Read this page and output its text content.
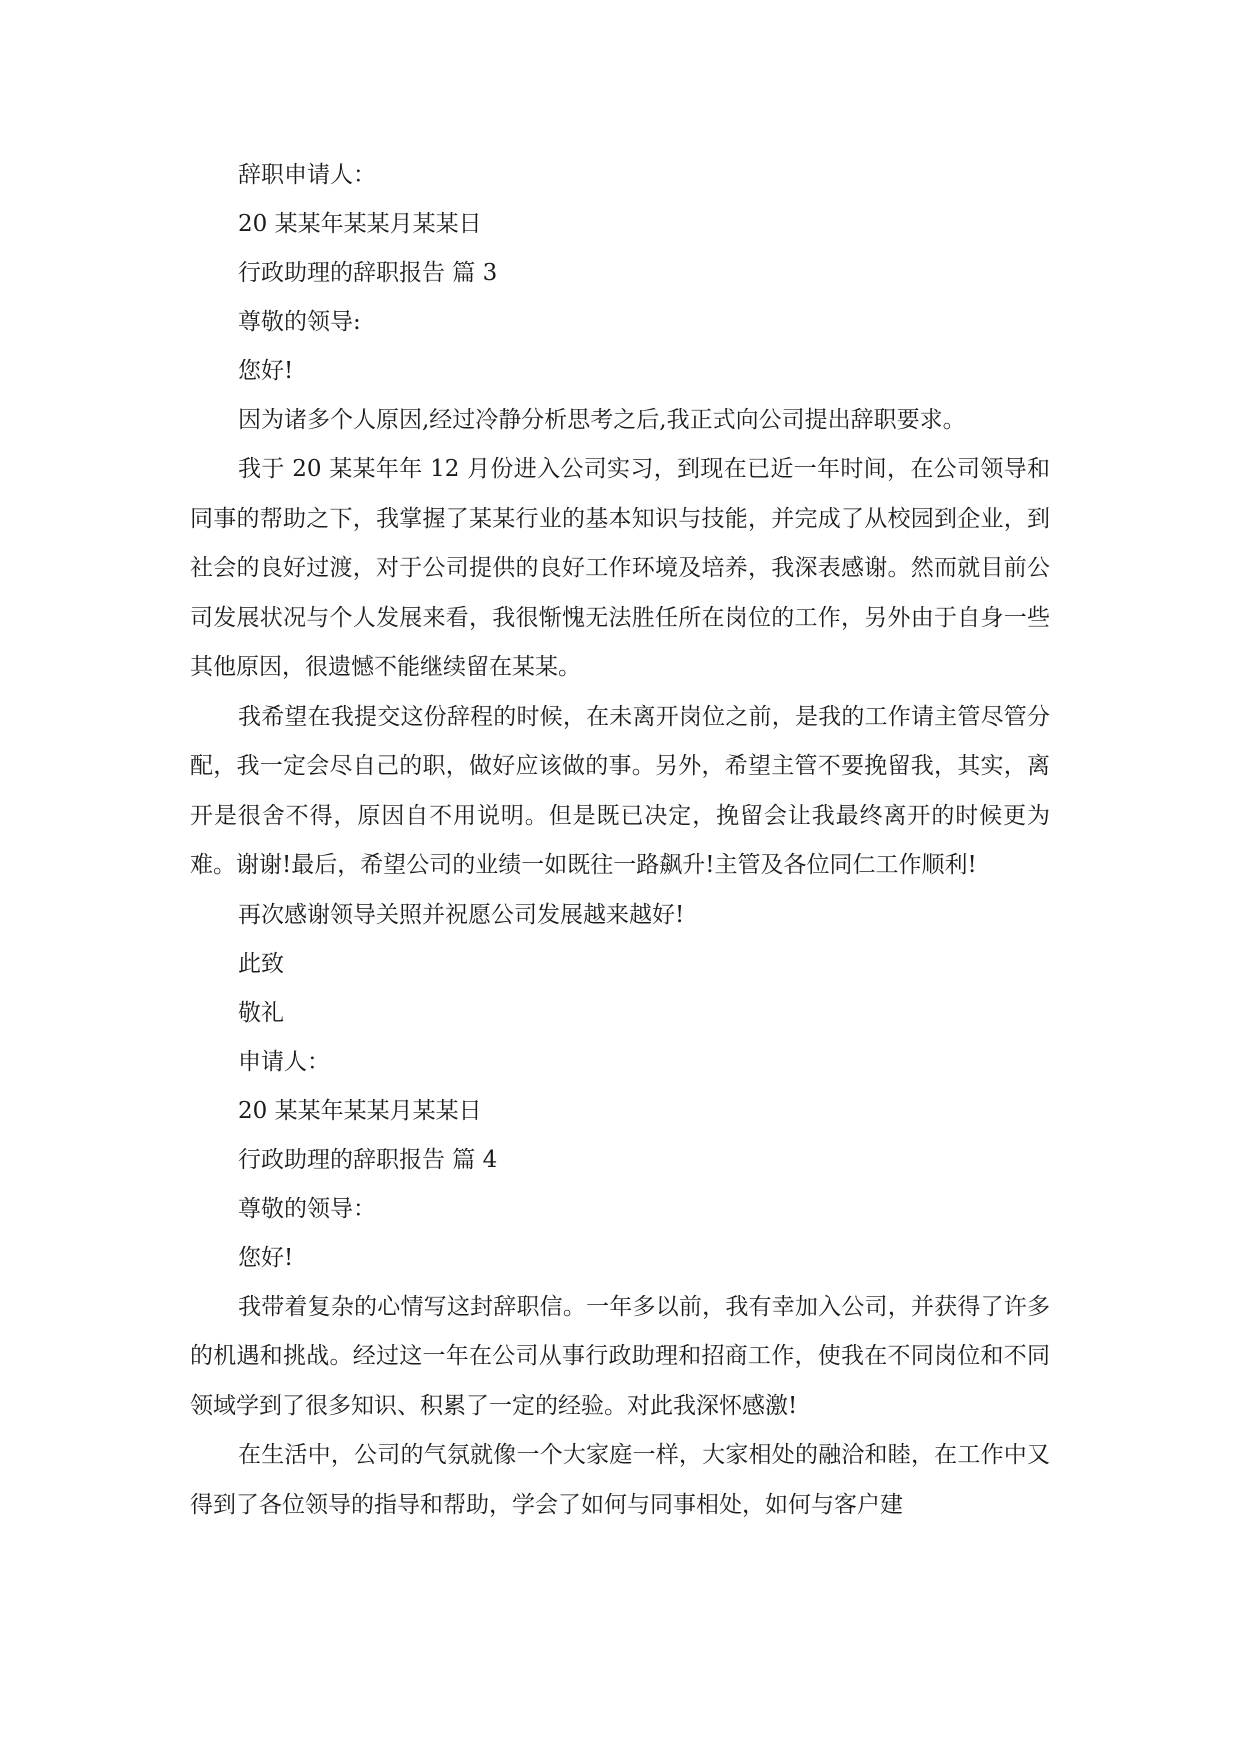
辞职申请人：
20 某某年某某月某某日
行政助理的辞职报告 篇 3
尊敬的领导:
您好!
因为诸多个人原因,经过冷静分析思考之后,我正式向公司提出辞职要求。

我于 20 某某年年 12 月份进入公司实习，到现在已近一年时间，在公司领导和同事的帮助之下，我掌握了某某行业的基本知识与技能，并完成了从校园到企业，到社会的良好过渡，对于公司提供的良好工作环境及培养，我深表感谢。然而就目前公司发展状况与个人发展来看，我很惭愧无法胜任所在岗位的工作，另外由于自身一些其他原因，很遗憾不能继续留在某某。

我希望在我提交这份辞程的时候，在未离开岗位之前，是我的工作请主管尽管分配，我一定会尽自己的职，做好应该做的事。另外，希望主管不要挽留我，其实，离开是很舍不得，原因自不用说明。但是既已决定，挽留会让我最终离开的时候更为难。谢谢!最后，希望公司的业绩一如既往一路飙升!主管及各位同仁工作顺利!

再次感谢领导关照并祝愿公司发展越来越好!
此致
敬礼
申请人：
20 某某年某某月某某日
行政助理的辞职报告 篇 4
尊敬的领导：
您好!

我带着复杂的心情写这封辞职信。一年多以前，我有幸加入公司，并获得了许多的机遇和挑战。经过这一年在公司从事行政助理和招商工作，使我在不同岗位和不同领域学到了很多知识、积累了一定的经验。对此我深怀感激!

在生活中，公司的气氛就像一个大家庭一样，大家相处的融洽和睦，在工作中又得到了各位领导的指导和帮助，学会了如何与同事相处，如何与客户建
